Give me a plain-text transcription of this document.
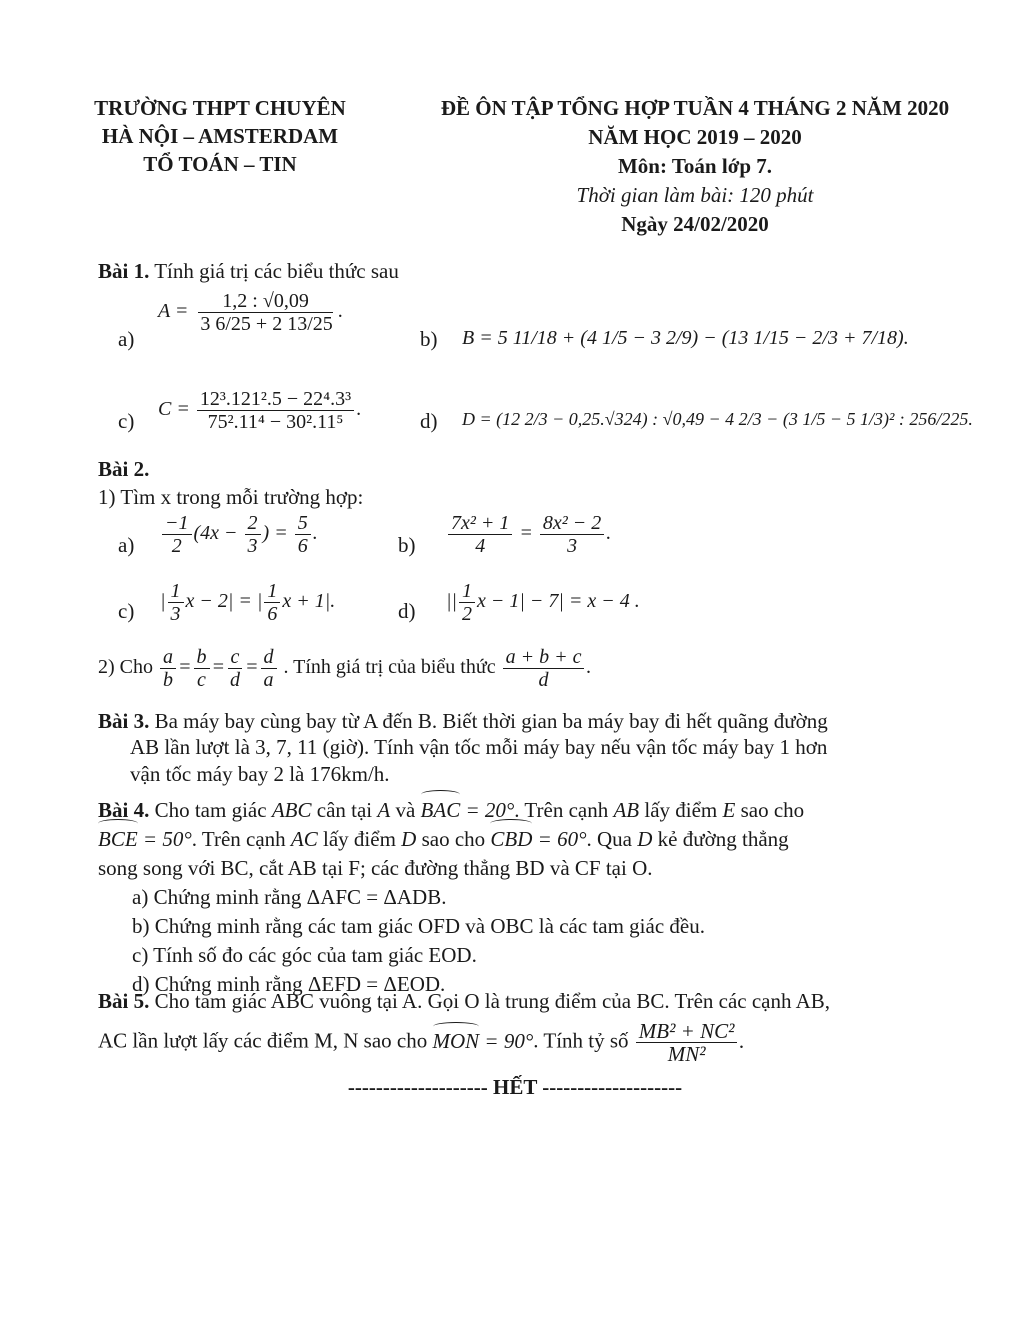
TRƯỜNG THPT CHUYÊN
HÀ NỘI – AMSTERDAM
TỔ TOÁN – TIN
ĐỀ ÔN TẬP TỔNG HỢP TUẦN 4 THÁNG 2 NĂM 2020
NĂM HỌC 2019 – 2020
Môn: Toán lớp 7.
Thời gian làm bài: 120 phút
Ngày 24/02/2020
Bài 1. Tính giá trị các biểu thức sau
a)
$A = \frac{1,2 : √0,09}{3 6/25 + 2 13/25}$ .
b) B = 5 11/18 + (4 1/5 − 3 2/9) − (13 1/15 − 2/3 + 7/18).
c) $C = \frac{\text{12³.121².5 − 22⁴.3³}}{\text{75².11⁴ − 30².11⁵}}$ .	d) D = (12 2/3 − 0,25.√324) : √0,49 − 4 2/3 − (3 1/5 − 5 1/3)² : 256/225.
Bài 2.
1) Tìm x trong mỗi trường hợp:
$a) \frac{-1}{2} (4x - \frac{2}{3}$ ) = $\frac{5}{6}$ .	$b) \frac{\text{7x² + 1}}{4} = \frac{\text{8x² − 2}}{3}$ .
c) | $\frac{1}{3}$ x − 2| = | $\frac{1}{6}$ x + 1|.	d) || $\frac{1}{2}$ x − 1| − 7| = x − 4 .
2) Cho $\frac{a}{b} = \frac{b}{c} = \frac{c}{d} = \frac{d}{a}$ . Tính giá trị của biểu thức $\frac{a + b + c}{d}$ .
Bài 3. Ba máy bay cùng bay từ A đến B. Biết thời gian ba máy bay đi hết quãng đường
AB lần lượt là 3, 7, 11 (giờ). Tính vận tốc mỗi máy bay nếu vận tốc máy bay 1 hơn
vận tốc máy bay 2 là 176km/h.
Bài 4. Cho tam giác ABC cân tại A và BAC = 20°. Trên cạnh AB lấy điểm E sao cho
BCE = 50°. Trên cạnh AC lấy điểm D sao cho CBD = 60°. Qua D kẻ đường thẳng
song song với BC, cắt AB tại F; các đường thẳng BD và CF tại O.
a) Chứng minh rằng ΔAFC = ΔADB.
b) Chứng minh rằng các tam giác OFD và OBC là các tam giác đều.
c) Tính số đo các góc của tam giác EOD.
d) Chứng minh rằng ΔEFD = ΔEOD.
Bài 5. Cho tam giác ABC vuông tại A. Gọi O là trung điểm của BC. Trên các cạnh AB,
AC lần lượt lấy các điểm M, N sao cho MON = 90°. Tính tỷ số $\frac{\text{MB² + NC²}}{\text{MN²}}$ .
-------------------- HẾT --------------------
